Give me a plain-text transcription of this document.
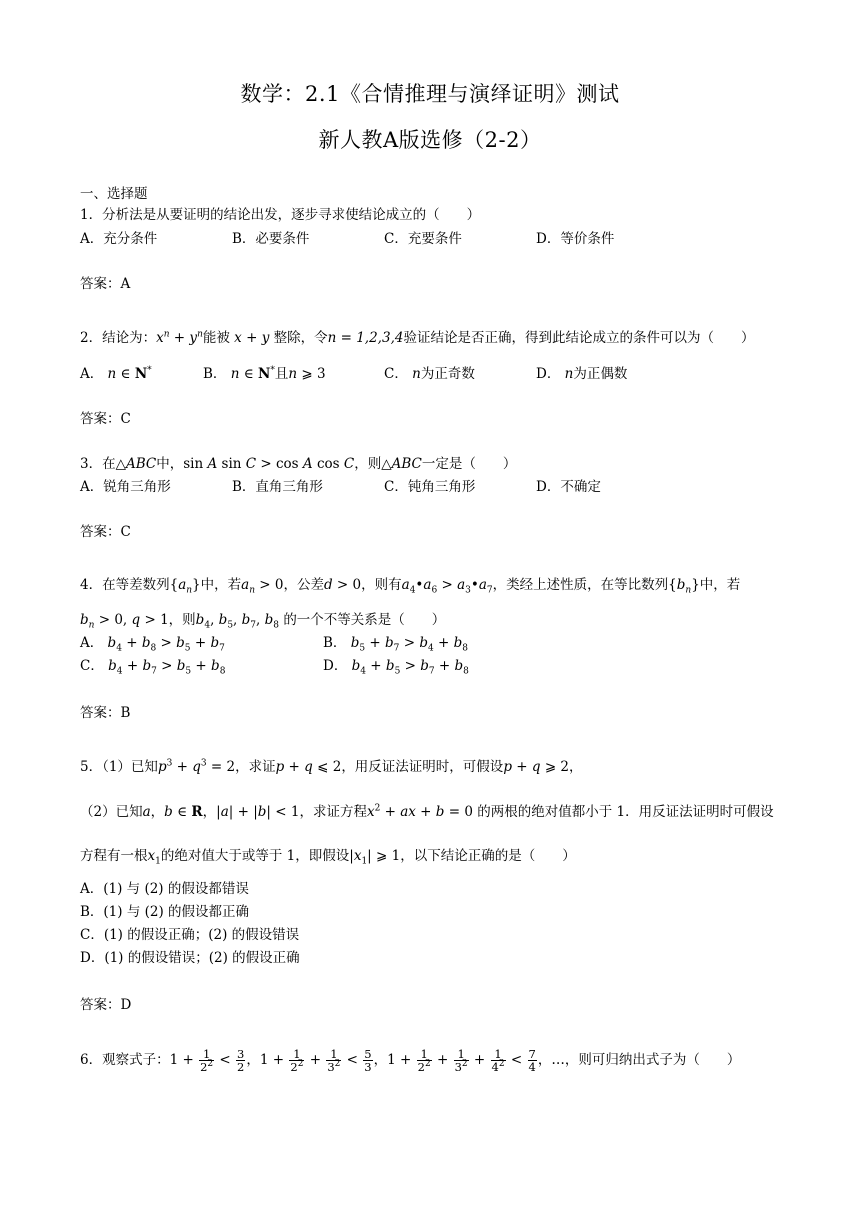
数学：2.1《合情推理与演绎证明》测试
新人教A版选修（2-2）
一、选择题
1．分析法是从要证明的结论出发，逐步寻求使结论成立的（　　）
A．充分条件	B．必要条件	C．充要条件	D．等价条件
答案：A
2．结论为：$x^n + y^n$能被 x + y 整除，令n = 1,2,3,4验证结论是否正确，得到此结论成立的条件可以为（　　）
A． n ∈ N*	B． n ∈ N*且n ⩾ 3	C． n为正奇数	D． n为正偶数
答案：C
3．在△ABC中，sin A sin C > cos A cos C，则△ABC一定是（　　）
A．锐角三角形	B．直角三角形	C．钝角三角形	D．不确定
答案：C
4．在等差数列$\{a_n\}$中，若$a_n > 0$，公差d > 0，则有$a_4•a_6$ > $a_3•a_7$，类经上述性质，在等比数列$\{b_n\}$中，若
$b_n > 0$, q > 1，则$b_4$, $b_5$, $b_7$, $b_8$ 的一个不等关系是（　　）
A． $b_4 + b_8 > b_5 + b_7$	B． $b_5 + b_7 > b_4 + b_8$
C． $b_4 + b_7 > b_5 + b_8$	D． $b_4 + b_5 > b_7 + b_8$
答案：B
5．（1）已知$p^3 + q^3 = 2$，求证p + q ⩽ 2，用反证法证明时，可假设p + q ⩾ 2，
（2）已知a，b ∈ R，|a| + |b| < 1，求证方程$x^2$ + ax + b = 0 的两根的绝对值都小于 1．用反证法证明时可假设
方程有一根$x_1$的绝对值大于或等于 1，即假设$|x_1|$ ⩾ 1，以下结论正确的是（　　）
A．(1) 与 (2) 的假设都错误
B．(1) 与 (2) 的假设都正确
C．(1) 的假设正确；(2) 的假设错误
D．(1) 的假设错误；(2) 的假设正确
答案：D
6．观察式子：$1 + \frac{1}{2^2} < \frac{3}{2}$ ，$1 + \frac{1}{2^2} + \frac{1}{3^2} < \frac{5}{3}$ ，$1 + \frac{1}{2^2} + \frac{1}{3^2} + \frac{1}{4^2} < \frac{7}{4}$ ，…，则可归纳出式子为（　　）
